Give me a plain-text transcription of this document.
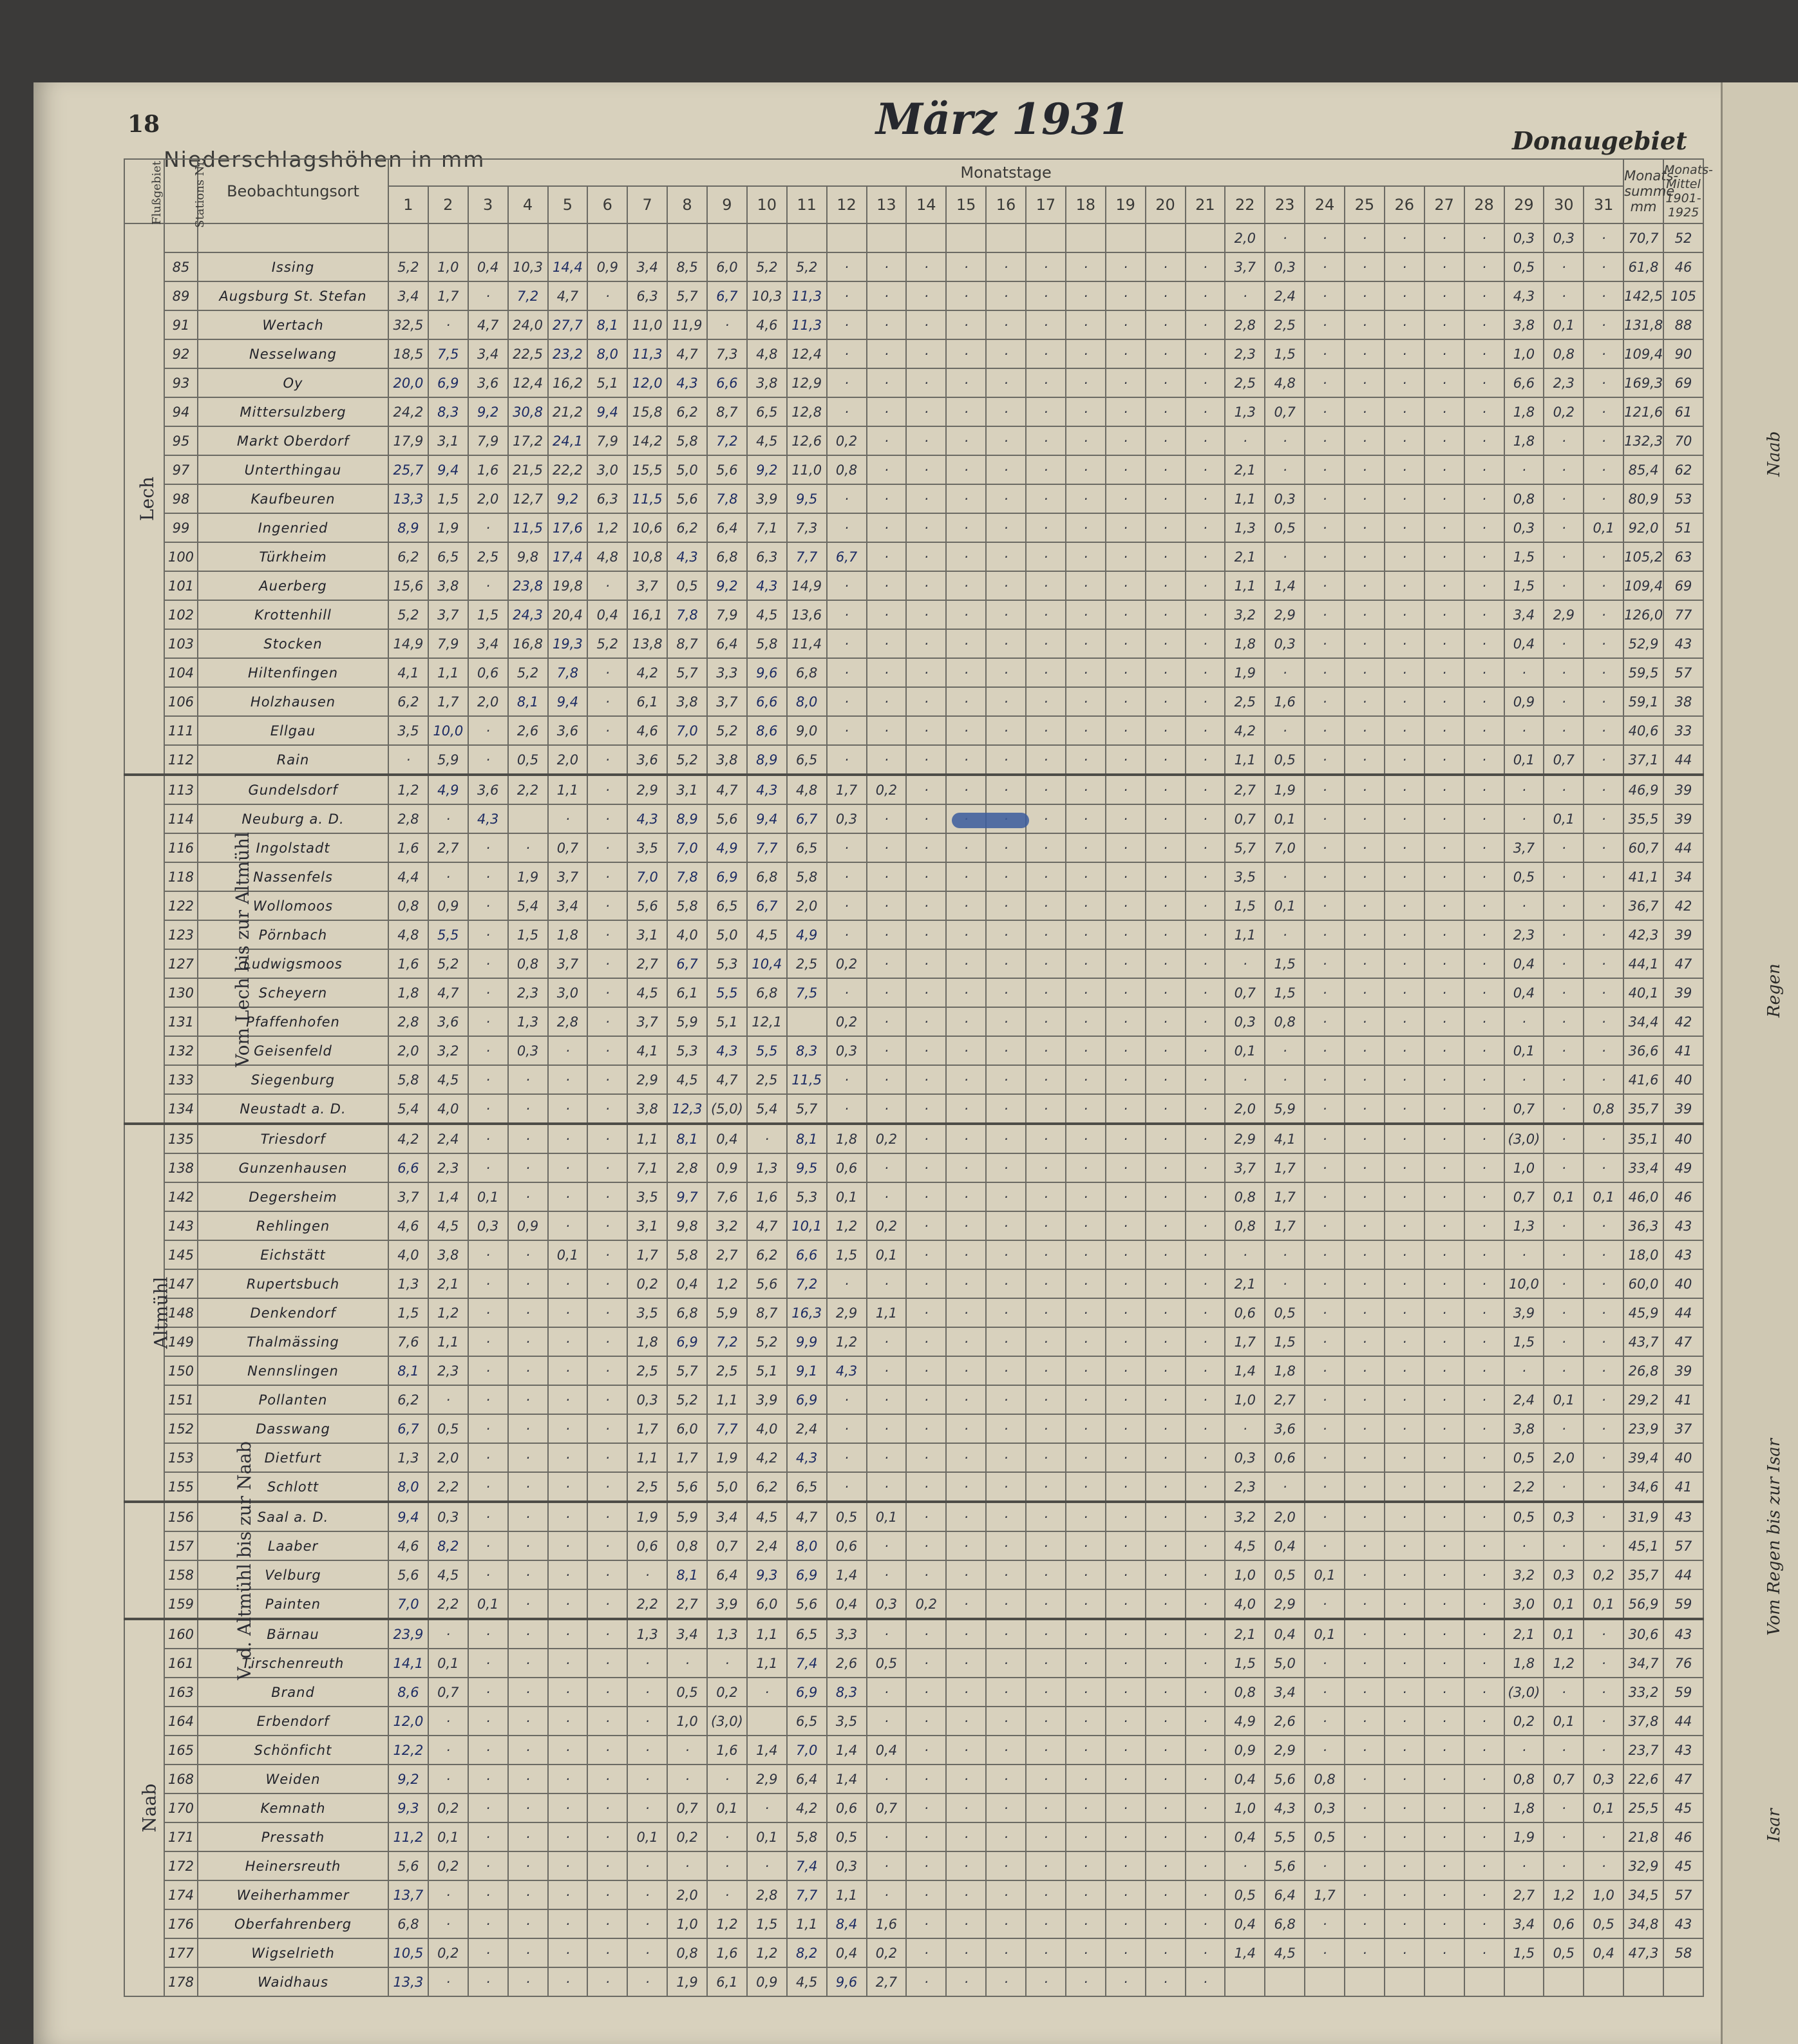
18	März 1931
Niederschlagshöhen in mm
Donaugebiet
Flußgebiet	Stations Nr.	Beobachtungsort	Monatstage																															Monats-summe mm	Monats-Mittel 1901-1925
			1	2	3	4	5	6	7	8	9	10	11	12	13	14	15	16	17	18	19	20	21	22	23	24	25	26	27	28	29	30	31		
Lech																								2,0	·	·	·	·	·	·	0,3	0,3	·	70,7	52
	85	Issing	5,2	1,0	0,4	10,3	14,4	0,9	3,4	8,5	6,0	5,2	5,2	·	·	·	·	·	·	·	·	·	·	3,7	0,3	·	·	·	·	·	0,5	·	·	61,8	46
	89	Augsburg St. Stefan	3,4	1,7	·	7,2	4,7	·	6,3	5,7	6,7	10,3	11,3	·	·	·	·	·	·	·	·	·	·	·	2,4	·	·	·	·	·	4,3	·	·	142,5	105
	91	Wertach	32,5	·	4,7	24,0	27,7	8,1	11,0	11,9	·	4,6	11,3	·	·	·	·	·	·	·	·	·	·	2,8	2,5	·	·	·	·	·	3,8	0,1	·	131,8	88
	92	Nesselwang	18,5	7,5	3,4	22,5	23,2	8,0	11,3	4,7	7,3	4,8	12,4	·	·	·	·	·	·	·	·	·	·	2,3	1,5	·	·	·	·	·	1,0	0,8	·	109,4	90
	93	Oy	20,0	6,9	3,6	12,4	16,2	5,1	12,0	4,3	6,6	3,8	12,9	·	·	·	·	·	·	·	·	·	·	2,5	4,8	·	·	·	·	·	6,6	2,3	·	169,3	69
	94	Mittersulzberg	24,2	8,3	9,2	30,8	21,2	9,4	15,8	6,2	8,7	6,5	12,8	·	·	·	·	·	·	·	·	·	·	1,3	0,7	·	·	·	·	·	1,8	0,2	·	121,6	61
	95	Markt Oberdorf	17,9	3,1	7,9	17,2	24,1	7,9	14,2	5,8	7,2	4,5	12,6	0,2	·	·	·	·	·	·	·	·	·	·	·	·	·	·	·	·	1,8	·	·	132,3	70
	97	Unterthingau	25,7	9,4	1,6	21,5	22,2	3,0	15,5	5,0	5,6	9,2	11,0	0,8	·	·	·	·	·	·	·	·	·	2,1	·	·	·	·	·	·	·	·	·	85,4	62
	98	Kaufbeuren	13,3	1,5	2,0	12,7	9,2	6,3	11,5	5,6	7,8	3,9	9,5	·	·	·	·	·	·	·	·	·	·	1,1	0,3	·	·	·	·	·	0,8	·	·	80,9	53
	99	Ingenried	8,9	1,9	·	11,5	17,6	1,2	10,6	6,2	6,4	7,1	7,3	·	·	·	·	·	·	·	·	·	·	1,3	0,5	·	·	·	·	·	0,3	·	0,1	92,0	51
	100	Türkheim	6,2	6,5	2,5	9,8	17,4	4,8	10,8	4,3	6,8	6,3	7,7	6,7	·	·	·	·	·	·	·	·	·	2,1	·	·	·	·	·	·	1,5	·	·	105,2	63
	101	Auerberg	15,6	3,8	·	23,8	19,8	·	3,7	0,5	9,2	4,3	14,9	·	·	·	·	·	·	·	·	·	·	1,1	1,4	·	·	·	·	·	1,5	·	·	109,4	69
	102	Krottenhill	5,2	3,7	1,5	24,3	20,4	0,4	16,1	7,8	7,9	4,5	13,6	·	·	·	·	·	·	·	·	·	·	3,2	2,9	·	·	·	·	·	3,4	2,9	·	126,0	77
	103	Stocken	14,9	7,9	3,4	16,8	19,3	5,2	13,8	8,7	6,4	5,8	11,4	·	·	·	·	·	·	·	·	·	·	1,8	0,3	·	·	·	·	·	0,4	·	·	52,9	43
	104	Hiltenfingen	4,1	1,1	0,6	5,2	7,8	·	4,2	5,7	3,3	9,6	6,8	·	·	·	·	·	·	·	·	·	·	1,9	·	·	·	·	·	·	·	·	·	59,5	57
	106	Holzhausen	6,2	1,7	2,0	8,1	9,4	·	6,1	3,8	3,7	6,6	8,0	·	·	·	·	·	·	·	·	·	·	2,5	1,6	·	·	·	·	·	0,9	·	·	59,1	38
	111	Ellgau	3,5	10,0	·	2,6	3,6	·	4,6	7,0	5,2	8,6	9,0	·	·	·	·	·	·	·	·	·	·	4,2	·	·	·	·	·	·	·	·	·	40,6	33
	112	Rain	·	5,9	·	0,5	2,0	·	3,6	5,2	3,8	8,9	6,5	·	·	·	·	·	·	·	·	·	·	1,1	0,5	·	·	·	·	·	0,1	0,7	·	37,1	44
Vom Lech bis zur Altmühl	113	Gundelsdorf	1,2	4,9	3,6	2,2	1,1	·	2,9	3,1	4,7	4,3	4,8	1,7	0,2	·	·	·	·	·	·	·	·	2,7	1,9	·	·	·	·	·	·	·	·	46,9	39
	114	Neuburg a. D.	2,8	·	4,3		·	·	4,3	8,9	5,6	9,4	6,7	0,3	·	·			·	·	·	·	·	0,7	0,1	·	·	·	·	·	·	0,1	·	35,5	39
	116	Ingolstadt	1,6	2,7	·	·	0,7	·	3,5	7,0	4,9	7,7	6,5	·	·	·	·	·	·	·	·	·	·	5,7	7,0	·	·	·	·	·	3,7	·	·	60,7	44
	118	Nassenfels	4,4	·	·	1,9	3,7	·	7,0	7,8	6,9	6,8	5,8	·	·	·	·	·	·	·	·	·	·	3,5	·	·	·	·	·	·	0,5	·	·	41,1	34
	122	Wollomoos	0,8	0,9	·	5,4	3,4	·	5,6	5,8	6,5	6,7	2,0	·	·	·	·	·	·	·	·	·	·	1,5	0,1	·	·	·	·	·	·	·	·	36,7	42
	123	Pörnbach	4,8	5,5	·	1,5	1,8	·	3,1	4,0	5,0	4,5	4,9	·	·	·	·	·	·	·	·	·	·	1,1	·	·	·	·	·	·	2,3	·	·	42,3	39
	127	Ludwigsmoos	1,6	5,2	·	0,8	3,7	·	2,7	6,7	5,3	10,4	2,5	0,2	·	·	·	·	·	·	·	·	·	·	1,5	·	·	·	·	·	0,4	·	·	44,1	47
	130	Scheyern	1,8	4,7	·	2,3	3,0	·	4,5	6,1	5,5	6,8	7,5	·	·	·	·	·	·	·	·	·	·	0,7	1,5	·	·	·	·	·	0,4	·	·	40,1	39
	131	Pfaffenhofen	2,8	3,6	·	1,3	2,8	·	3,7	5,9	5,1	12,1		0,2	·	·	·	·	·	·	·	·	·	0,3	0,8	·	·	·	·	·	·	·	·	34,4	42
	132	Geisenfeld	2,0	3,2	·	0,3	·	·	4,1	5,3	4,3	5,5	8,3	0,3	·	·	·	·	·	·	·	·	·	0,1	·	·	·	·	·	·	0,1	·	·	36,6	41
	133	Siegenburg	5,8	4,5	·	·	·	·	2,9	4,5	4,7	2,5	11,5	·	·	·	·	·	·	·	·	·	·	·	·	·	·	·	·	·	·	·	·	41,6	40
	134	Neustadt a. D.	5,4	4,0	·	·	·	·	3,8	12,3	(5,0)	5,4	5,7	·	·	·	·	·	·	·	·	·	·	2,0	5,9	·	·	·	·	·	0,7	·	0,8	35,7	39
Altmühl	135	Triesdorf	4,2	2,4	·	·	·	·	1,1	8,1	0,4	·	8,1	1,8	0,2	·	·	·	·	·	·	·	·	2,9	4,1	·	·	·	·	·	(3,0)	·	·	35,1	40
	138	Gunzenhausen	6,6	2,3	·	·	·	·	7,1	2,8	0,9	1,3	9,5	0,6	·	·	·	·	·	·	·	·	·	3,7	1,7	·	·	·	·	·	1,0	·	·	33,4	49
	142	Degersheim	3,7	1,4	0,1	·	·	·	3,5	9,7	7,6	1,6	5,3	0,1	·	·	·	·	·	·	·	·	·	0,8	1,7	·	·	·	·	·	0,7	0,1	0,1	46,0	46
	143	Rehlingen	4,6	4,5	0,3	0,9	·	·	3,1	9,8	3,2	4,7	10,1	1,2	0,2	·	·	·	·	·	·	·	·	0,8	1,7	·	·	·	·	·	1,3	·	·	36,3	43
	145	Eichstätt	4,0	3,8	·	·	0,1	·	1,7	5,8	2,7	6,2	6,6	1,5	0,1	·	·	·	·	·	·	·	·	·	·	·	·	·	·	·	·	·	·	18,0	43
	147	Rupertsbuch	1,3	2,1	·	·	·	·	0,2	0,4	1,2	5,6	7,2	·	·	·	·	·	·	·	·	·	·	2,1	·	·	·	·	·	·	10,0	·	·	60,0	40
	148	Denkendorf	1,5	1,2	·	·	·	·	3,5	6,8	5,9	8,7	16,3	2,9	1,1	·	·	·	·	·	·	·	·	0,6	0,5	·	·	·	·	·	3,9	·	·	45,9	44
	149	Thalmässing	7,6	1,1	·	·	·	·	1,8	6,9	7,2	5,2	9,9	1,2	·	·	·	·	·	·	·	·	·	1,7	1,5	·	·	·	·	·	1,5	·	·	43,7	47
	150	Nennslingen	8,1	2,3	·	·	·	·	2,5	5,7	2,5	5,1	9,1	4,3	·	·	·	·	·	·	·	·	·	1,4	1,8	·	·	·	·	·	·	·	·	26,8	39
	151	Pollanten	6,2	·	·	·	·	·	0,3	5,2	1,1	3,9	6,9	·	·	·	·	·	·	·	·	·	·	1,0	2,7	·	·	·	·	·	2,4	0,1	·	29,2	41
	152	Dasswang	6,7	0,5	·	·	·	·	1,7	6,0	7,7	4,0	2,4	·	·	·	·	·	·	·	·	·	·	·	3,6	·	·	·	·	·	3,8	·	·	23,9	37
	153	Dietfurt	1,3	2,0	·	·	·	·	1,1	1,7	1,9	4,2	4,3	·	·	·	·	·	·	·	·	·	·	0,3	0,6	·	·	·	·	·	0,5	2,0	·	39,4	40
	155	Schlott	8,0	2,2	·	·	·	·	2,5	5,6	5,0	6,2	6,5	·	·	·	·	·	·	·	·	·	·	2,3	·	·	·	·	·	·	2,2	·	·	34,6	41
V. d. Altmühl bis zur Naab	156	Saal a. D.	9,4	0,3	·	·	·	·	1,9	5,9	3,4	4,5	4,7	0,5	0,1	·	·	·	·	·	·	·	·	3,2	2,0	·	·	·	·	·	0,5	0,3	·	31,9	43
	157	Laaber	4,6	8,2	·	·	·	·	0,6	0,8	0,7	2,4	8,0	0,6	·	·	·	·	·	·	·	·	·	4,5	0,4	·	·	·	·	·	·	·	·	45,1	57
	158	Velburg	5,6	4,5	·	·	·	·	·	8,1	6,4	9,3	6,9	1,4	·	·	·	·	·	·	·	·	·	1,0	0,5	0,1	·	·	·	·	3,2	0,3	0,2	35,7	44
	159	Painten	7,0	2,2	0,1	·	·	·	2,2	2,7	3,9	6,0	5,6	0,4	0,3	0,2	·	·	·	·	·	·	·	4,0	2,9	·	·	·	·	·	3,0	0,1	0,1	56,9	59
Naab	160	Bärnau	23,9	·	·	·	·	·	1,3	3,4	1,3	1,1	6,5	3,3	·	·	·	·	·	·	·	·	·	2,1	0,4	0,1	·	·	·	·	2,1	0,1	·	30,6	43
	161	Tirschenreuth	14,1	0,1	·	·	·	·	·	·	·	1,1	7,4	2,6	0,5	·	·	·	·	·	·	·	·	1,5	5,0	·	·	·	·	·	1,8	1,2	·	34,7	76
	163	Brand	8,6	0,7	·	·	·	·	·	0,5	0,2	·	6,9	8,3	·	·	·	·	·	·	·	·	·	0,8	3,4	·	·	·	·	·	(3,0)	·	·	33,2	59
	164	Erbendorf	12,0	·	·	·	·	·	·	1,0	(3,0)		6,5	3,5	·	·	·	·	·	·	·	·	·	4,9	2,6	·	·	·	·	·	0,2	0,1	·	37,8	44
	165	Schönficht	12,2	·	·	·	·	·	·	·	1,6	1,4	7,0	1,4	0,4	·	·	·	·	·	·	·	·	0,9	2,9	·	·	·	·	·	·	·	·	23,7	43
	168	Weiden	9,2	·	·	·	·	·	·	·	·	2,9	6,4	1,4	·	·	·	·	·	·	·	·	·	0,4	5,6	0,8	·	·	·	·	0,8	0,7	0,3	22,6	47
	170	Kemnath	9,3	0,2	·	·	·	·	·	0,7	0,1	·	4,2	0,6	0,7	·	·	·	·	·	·	·	·	1,0	4,3	0,3	·	·	·	·	1,8	·	0,1	25,5	45
	171	Pressath	11,2	0,1	·	·	·	·	0,1	0,2	·	0,1	5,8	0,5	·	·	·	·	·	·	·	·	·	0,4	5,5	0,5	·	·	·	·	1,9	·	·	21,8	46
	172	Heinersreuth	5,6	0,2	·	·	·	·	·	·	·	·	7,4	0,3	·	·	·	·	·	·	·	·	·	·	5,6	·	·	·	·	·	·	·	·	32,9	45
	174	Weiherhammer	13,7	·	·	·	·	·	·	2,0	·	2,8	7,7	1,1	·	·	·	·	·	·	·	·	·	0,5	6,4	1,7	·	·	·	·	2,7	1,2	1,0	34,5	57
	176	Oberfahrenberg	6,8	·	·	·	·	·	·	1,0	1,2	1,5	1,1	8,4	1,6	·	·	·	·	·	·	·	·	0,4	6,8	·	·	·	·	·	3,4	0,6	0,5	34,8	43
	177	Wigselrieth	10,5	0,2	·	·	·	·	·	0,8	1,6	1,2	8,2	0,4	0,2	·	·	·	·	·	·	·	·	1,4	4,5	·	·	·	·	·	1,5	0,5	0,4	47,3	58
	178	Waidhaus	13,3	·	·	·	·	·	·	1,9	6,1	0,9	4,5	9,6	2,7	·	·	·	·	·	·	·	·												
Naab
Regen
Vom Regen bis zur Isar
Isar
